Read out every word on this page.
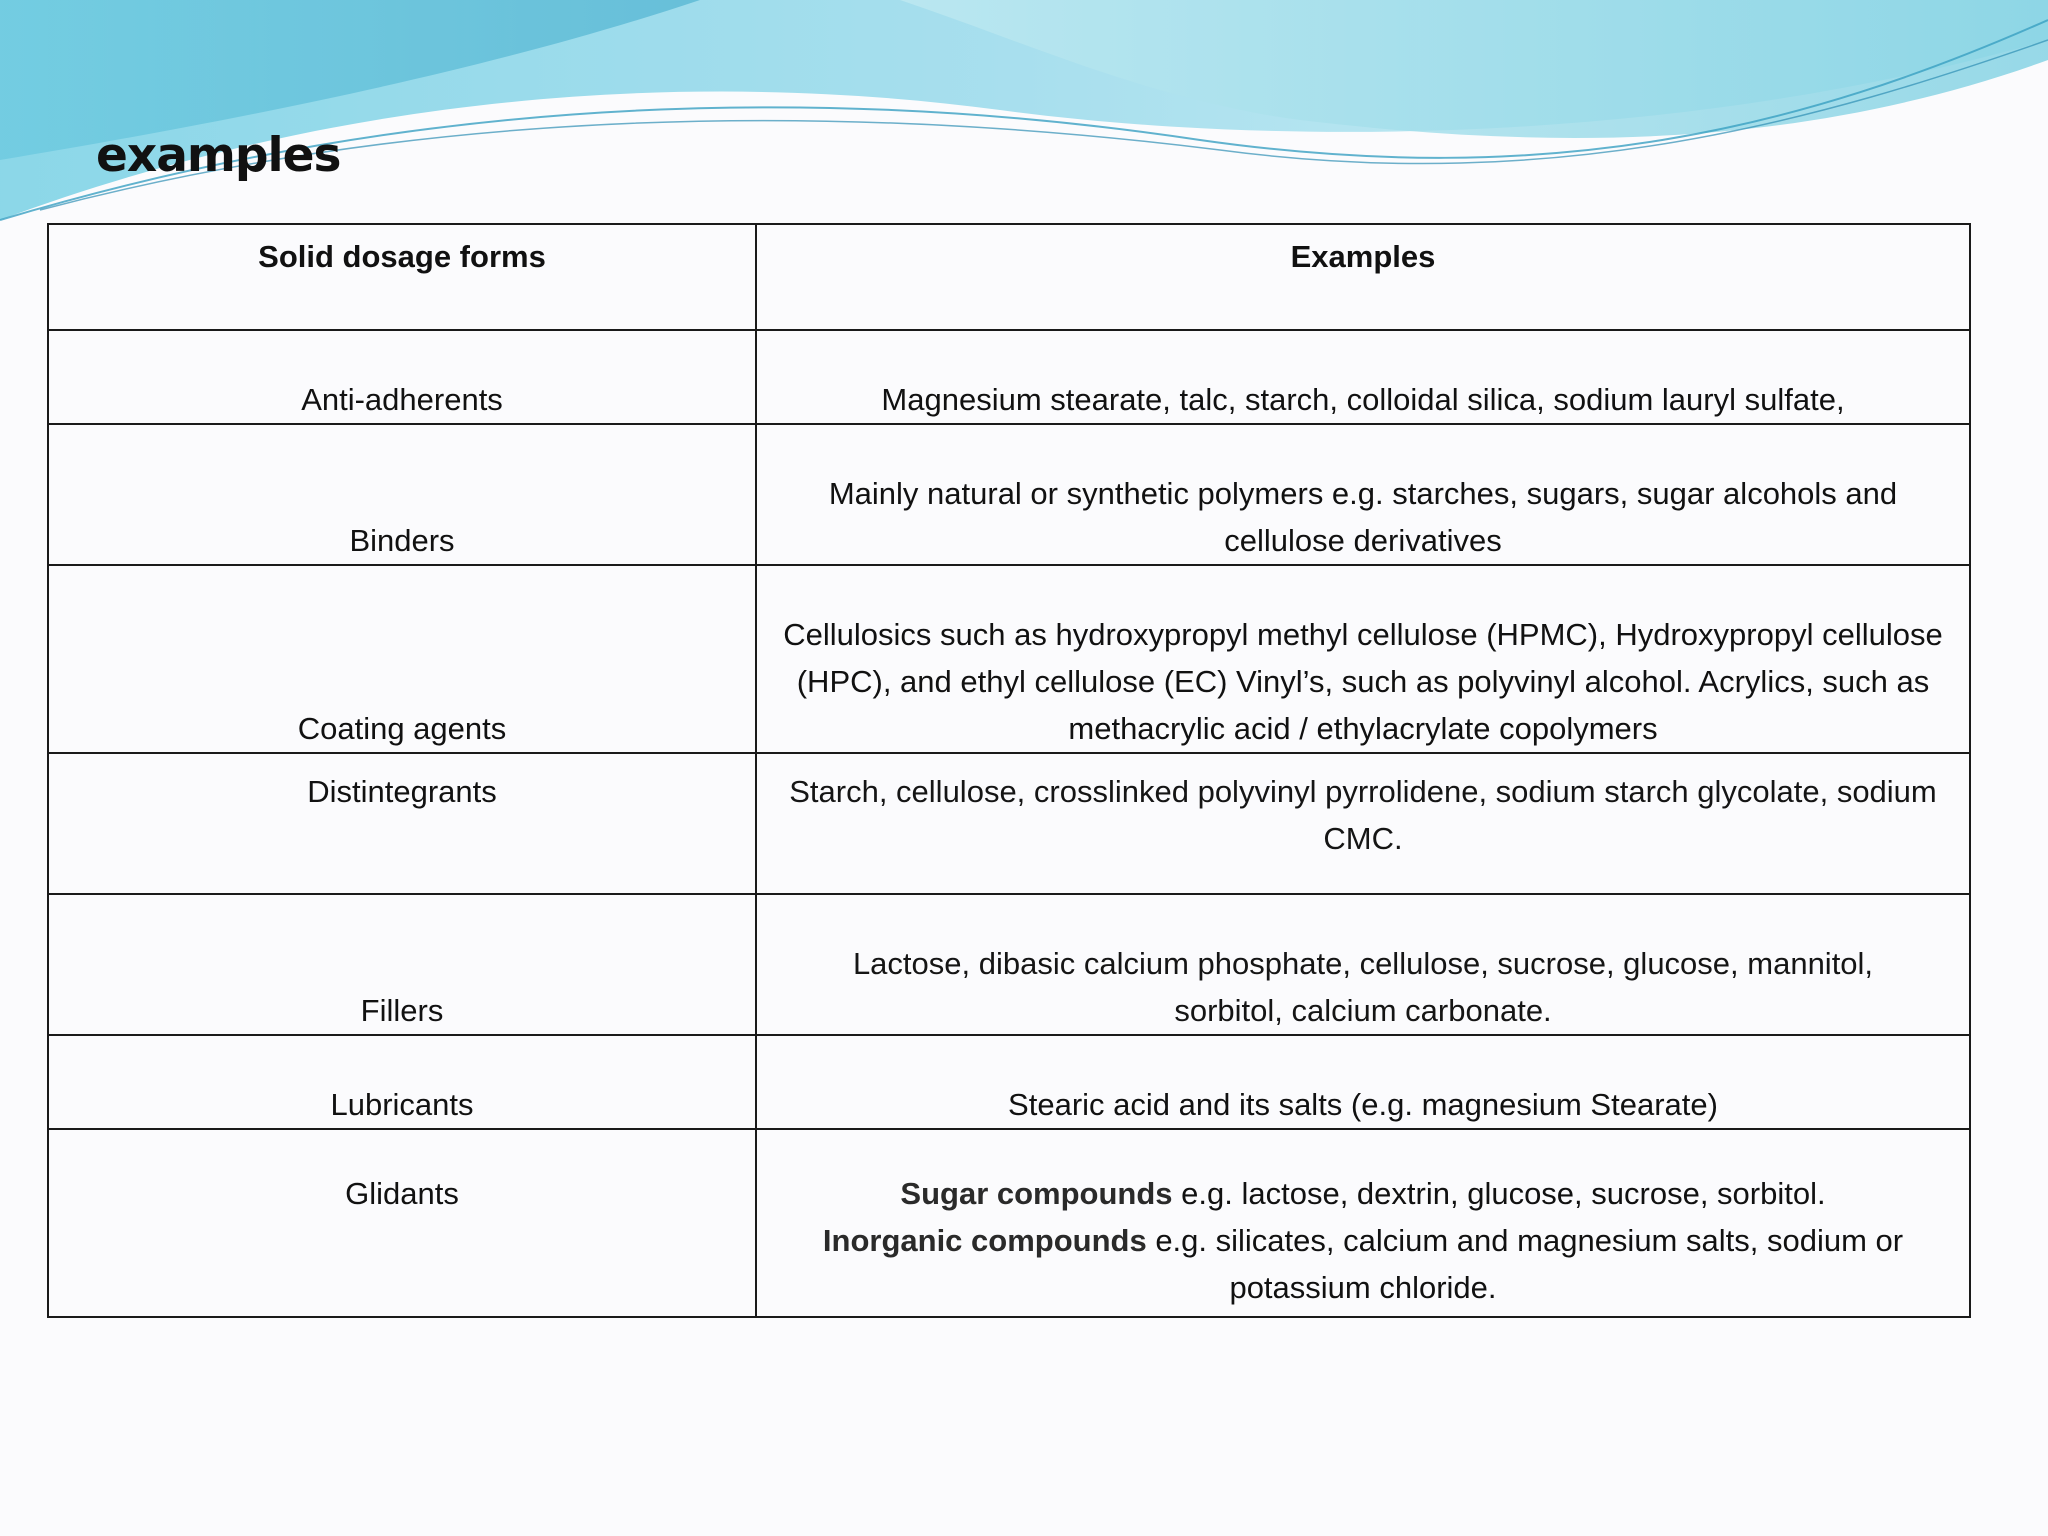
examples
Solid dosage forms	Examples
Anti-adherents	Magnesium stearate, talc, starch, colloidal silica, sodium lauryl sulfate,
Binders	Mainly natural or synthetic polymers e.g. starches, sugars, sugar alcohols and cellulose derivatives
Coating agents	Cellulosics such as hydroxypropyl methyl cellulose (HPMC), Hydroxypropyl cellulose (HPC), and ethyl cellulose (EC) Vinyl’s, such as polyvinyl alcohol. Acrylics, such as methacrylic acid / ethylacrylate copolymers
Distintegrants	Starch, cellulose, crosslinked polyvinyl pyrrolidene, sodium starch glycolate, sodium CMC.
Fillers	Lactose, dibasic calcium phosphate, cellulose, sucrose, glucose, mannitol, sorbitol, calcium carbonate.
Lubricants	Stearic acid and its salts (e.g. magnesium Stearate)
Glidants	Sugar compounds e.g. lactose, dextrin, glucose, sucrose, sorbitol.
Inorganic compounds e.g. silicates, calcium and magnesium salts, sodium or potassium chloride.
